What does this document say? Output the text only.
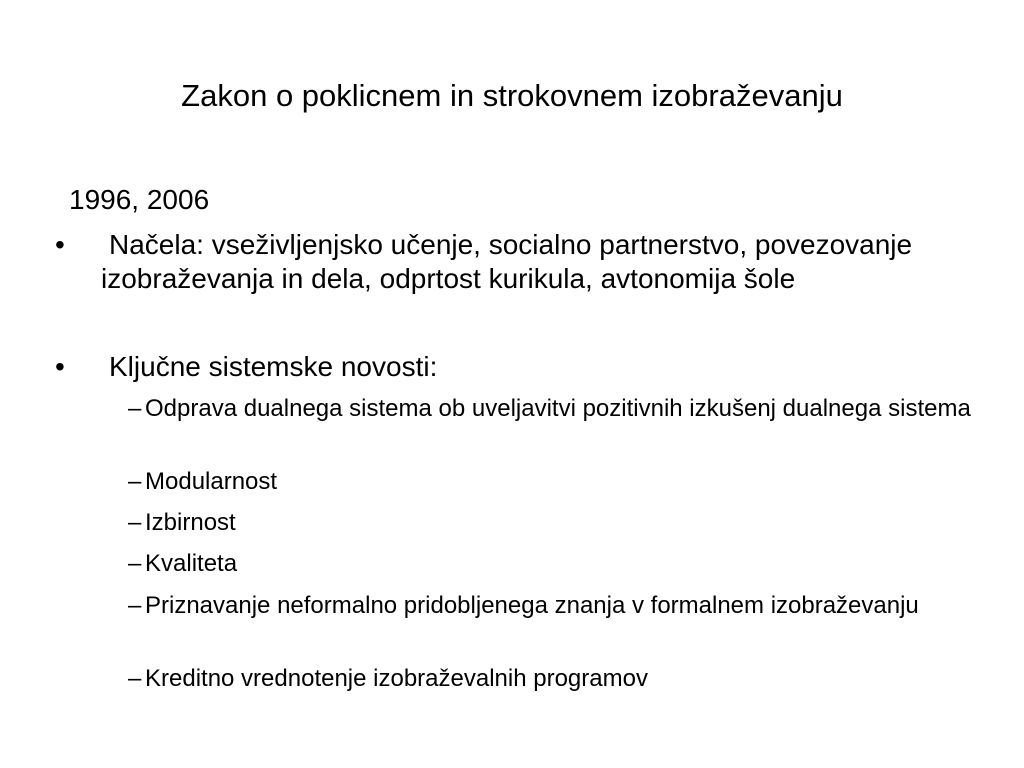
Zakon o poklicnem in strokovnem izobraževanju
1996, 2006
•	Načela: vseživljenjsko učenje, socialno partnerstvo, povezovanje izobraževanja in dela, odprtost kurikula, avtonomija šole
•	Ključne sistemske novosti:
– Odprava dualnega sistema ob uveljavitvi pozitivnih izkušenj dualnega sistema
– Modularnost
– Izbirnost
– Kvaliteta
– Priznavanje neformalno pridobljenega znanja v formalnem izobraževanju
– Kreditno vrednotenje izobraževalnih programov
